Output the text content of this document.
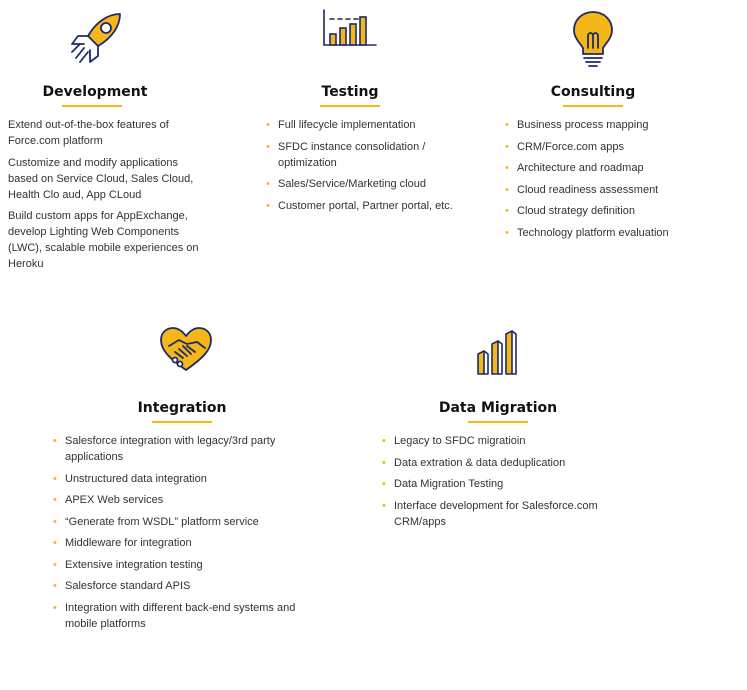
Development
Extend out-of-the-box features of Force.com platform
Customize and modify applications based on Service Cloud, Sales Cloud, Health Clo aud, App CLoud
Build custom apps for AppExchange, develop Lighting Web Components (LWC), scalable mobile experiences on Heroku
Testing
• Full lifecycle implementation
• SFDC instance consolidation / optimization
• Sales/Service/Marketing cloud
• Customer portal, Partner portal, etc.
Consulting
• Business process mapping
• CRM/Force.com apps
• Architecture and roadmap
• Cloud readiness assessment
• Cloud strategy definition
• Technology platform evaluation
Integration
• Salesforce integration with legacy/3rd party applications
• Unstructured data integration
• APEX Web services
• “Generate from WSDL” platform service
• Middleware for integration
• Extensive integration testing
• Salesforce standard APIS
• Integration with different back-end systems and mobile platforms
Data Migration
• Legacy to SFDC migratioin
• Data extration & data deduplication
• Data Migration Testing
• Interface development for Salesforce.com CRM/apps
